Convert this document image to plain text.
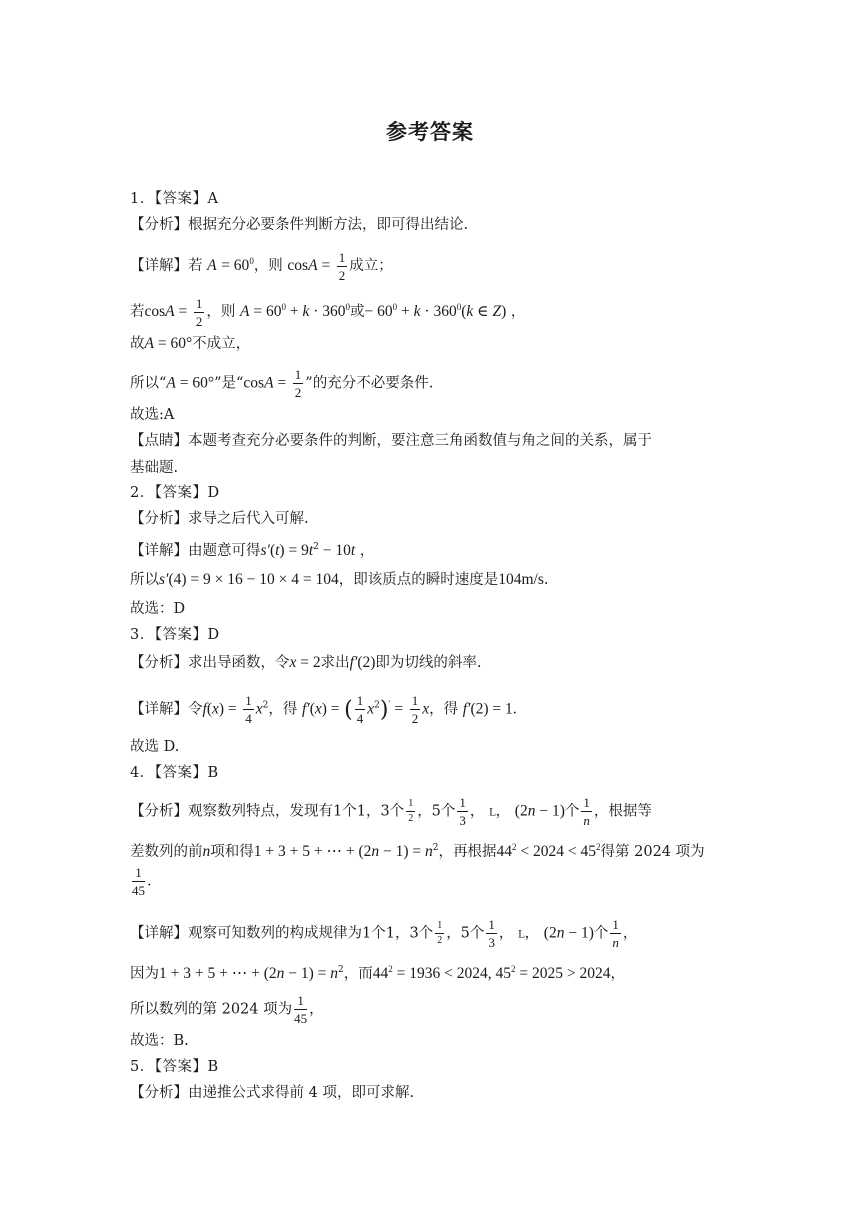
参考答案
1．【答案】A
【分析】根据充分必要条件判断方法，即可得出结论.
【详解】若 $A = 60^0$，则 $\cos A = \frac{1}{2}$ 成立；
若$\cos A = \frac{1}{2}$ ，则 $A = 60^0 + k \cdot 360^0$或− $60^0 + k \cdot 360^0(k$ ∈ Z) ，
故A = 60°不成立，
所以“A = 60°”是“$\cos A = \frac{1}{2}$ ”的充分不必要条件.
故选:A
【点睛】本题考查充分必要条件的判断，要注意三角函数值与角之间的关系，属于
基础题.
2．【答案】D
【分析】求导之后代入可解.
【详解】由题意可得$s'(t) = 9t^2 - 10t$ ，
所以s′(4) = 9 × 16 − 10 × 4 = 104，即该质点的瞬时速度是104m/s.
故选：D
3．【答案】D
【分析】求出导函数，令x = 2求出f′(2)即为切线的斜率.
【详解】令$f(x) = \frac{1}{4} x^2$，得 f′(x) = ( $\frac{1}{4} x^2)' = \frac{1}{2}$ x，得 f′(2) = 1.
故选 D.
4．【答案】B
【分析】观察数列特点，发现有1个1，3个 $\frac{1}{2}$ ，5个 $\frac{1}{3}$ ， L， (2n − 1)个 $\frac{1}{n}$ ，根据等
差数列的前n项和得1 + 3 + 5 + ⋯ + $(2n - 1) = n^2$，再根据$44^2 < 2024 < 45^2$得第 2024 项为
$\frac{1}{45}$ .
【详解】观察可知数列的构成规律为1个1，3个 $\frac{1}{2}$ ，5个 $\frac{1}{3}$ ， L， (2n − 1)个 $\frac{1}{n}$ ，
因为1 + 3 + 5 + ⋯ + $(2n - 1) = n^2$，而$44^2 = 1936 < 2024$, $45^2 = 2025 > 2024$，
所以数列的第 2024 项为 $\frac{1}{45}$ ，
故选：B.
5．【答案】B
【分析】由递推公式求得前 4 项，即可求解.
